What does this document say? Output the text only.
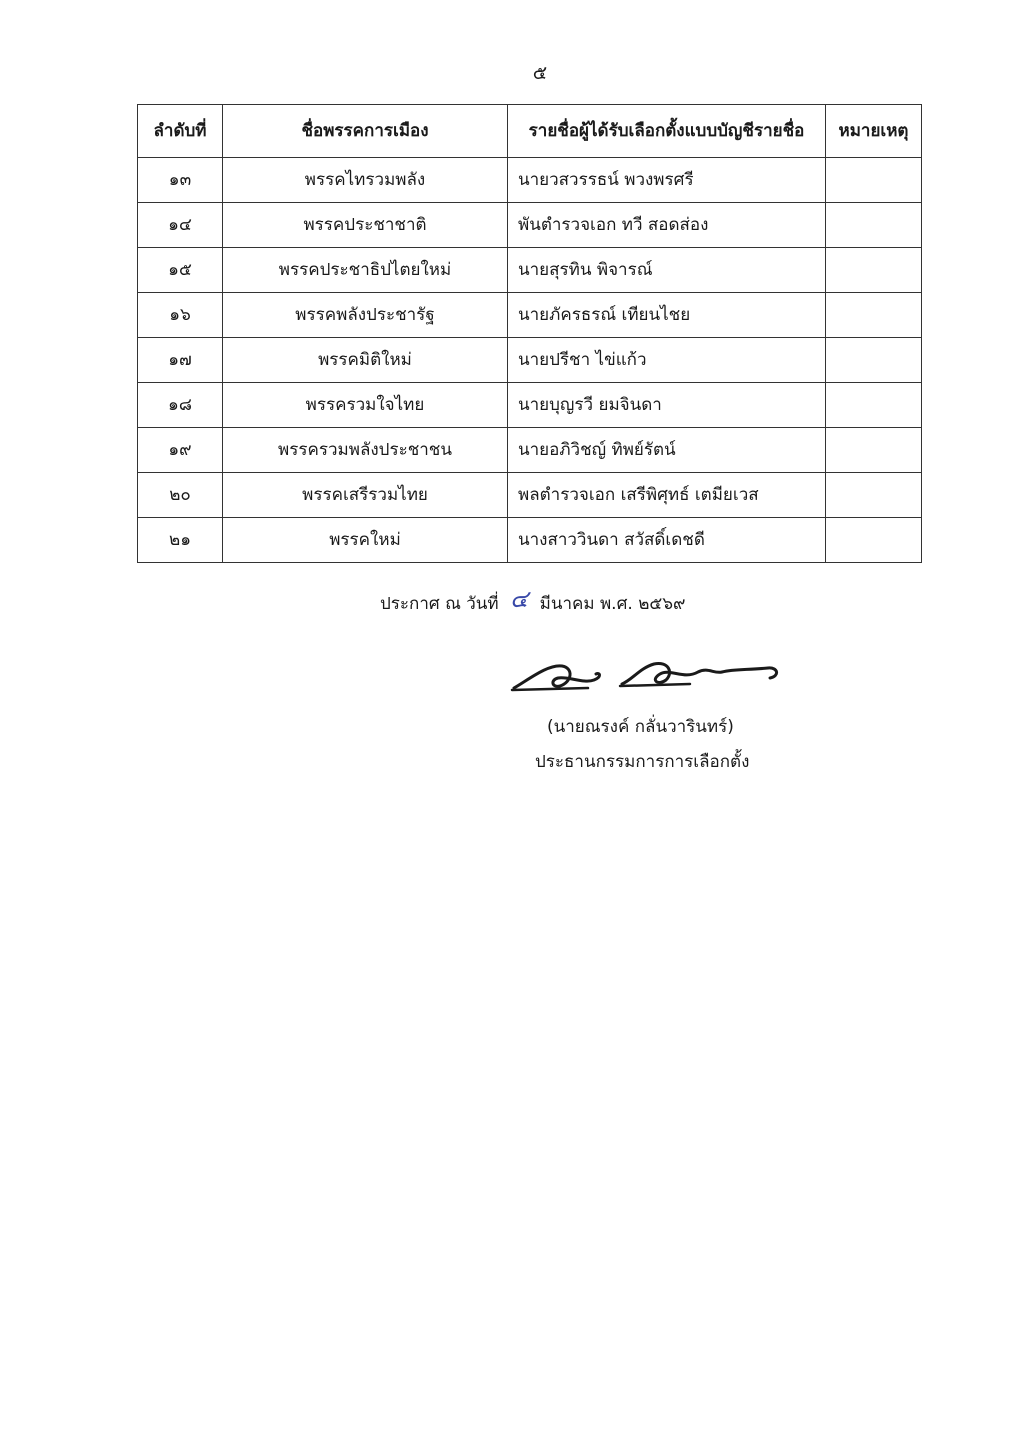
๕
ลำดับที่	ชื่อพรรคการเมือง	รายชื่อผู้ได้รับเลือกตั้งแบบบัญชีรายชื่อ	หมายเหตุ
๑๓	พรรคไทรวมพลัง	นายวสวรรธน์ พวงพรศรี	
๑๔	พรรคประชาชาติ	พันตำรวจเอก ทวี สอดส่อง	
๑๕	พรรคประชาธิปไตยใหม่	นายสุรทิน พิจารณ์	
๑๖	พรรคพลังประชารัฐ	นายภัครธรณ์ เทียนไชย	
๑๗	พรรคมิติใหม่	นายปรีชา ไข่แก้ว	
๑๘	พรรครวมใจไทย	นายบุญรวี ยมจินดา	
๑๙	พรรครวมพลังประชาชน	นายอภิวิชญ์ ทิพย์รัตน์	
๒๐	พรรคเสรีรวมไทย	พลตำรวจเอก เสรีพิศุทธ์ เตมียเวส	
๒๑	พรรคใหม่	นางสาววินดา สวัสดิ์เดชดี	
ประกาศ ณ วันที่ ๔ มีนาคม พ.ศ. ๒๕๖๙
(นายณรงค์ กลั่นวารินทร์)
ประธานกรรมการการเลือกตั้ง
